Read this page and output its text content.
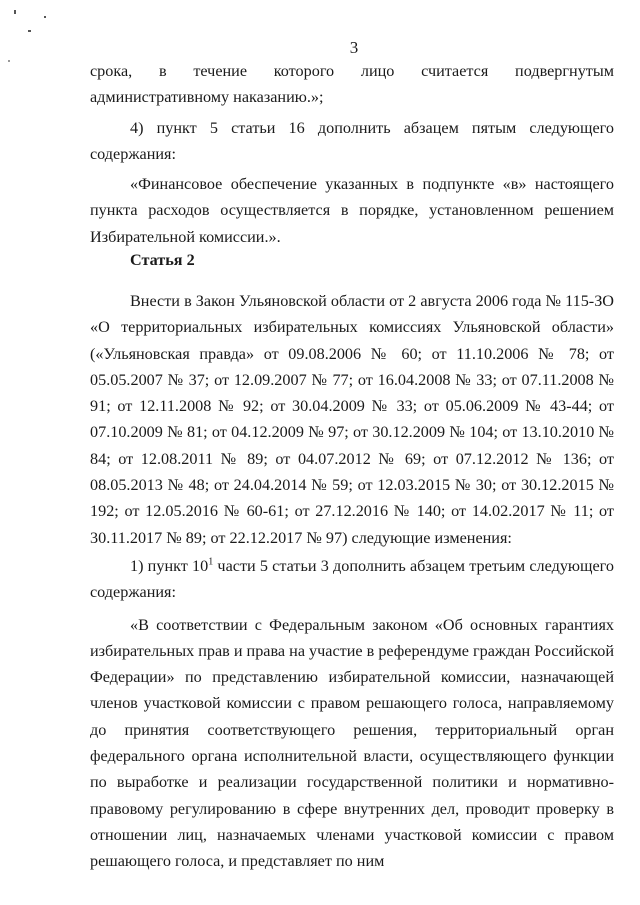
3

срока, в течение которого лицо считается подвергнутым административному наказанию.»;

4) пункт 5 статьи 16 дополнить абзацем пятым следующего содержания:

«Финансовое обеспечение указанных в подпункте «в» настоящего пункта расходов осуществляется в порядке, установленном решением Избирательной комиссии.».

Статья 2

Внести в Закон Ульяновской области от 2 августа 2006 года № 115-ЗО «О территориальных избирательных комиссиях Ульяновской области» («Ульяновская правда» от 09.08.2006 № 60; от 11.10.2006 № 78; от 05.05.2007 № 37; от 12.09.2007 № 77; от 16.04.2008 № 33; от 07.11.2008 № 91; от 12.11.2008 № 92; от 30.04.2009 № 33; от 05.06.2009 № 43-44; от 07.10.2009 № 81; от 04.12.2009 № 97; от 30.12.2009 № 104; от 13.10.2010 № 84; от 12.08.2011 № 89; от 04.07.2012 № 69; от 07.12.2012 № 136; от 08.05.2013 № 48; от 24.04.2014 № 59; от 12.03.2015 № 30; от 30.12.2015 № 192; от 12.05.2016 № 60-61; от 27.12.2016 № 140; от 14.02.2017 № 11; от 30.11.2017 № 89; от 22.12.2017 № 97) следующие изменения:

1) пункт $10^1$ части 5 статьи 3 дополнить абзацем третьим следующего содержания:

«В соответствии с Федеральным законом «Об основных гарантиях избирательных прав и права на участие в референдуме граждан Российской Федерации» по представлению избирательной комиссии, назначающей членов участковой комиссии с правом решающего голоса, направляемому до принятия соответствующего решения, территориальный орган федерального органа исполнительной власти, осуществляющего функции по выработке и реализации государственной политики и нормативно-правовому регулированию в сфере внутренних дел, проводит проверку в отношении лиц, назначаемых членами участковой комиссии с правом решающего голоса, и представляет по ним
